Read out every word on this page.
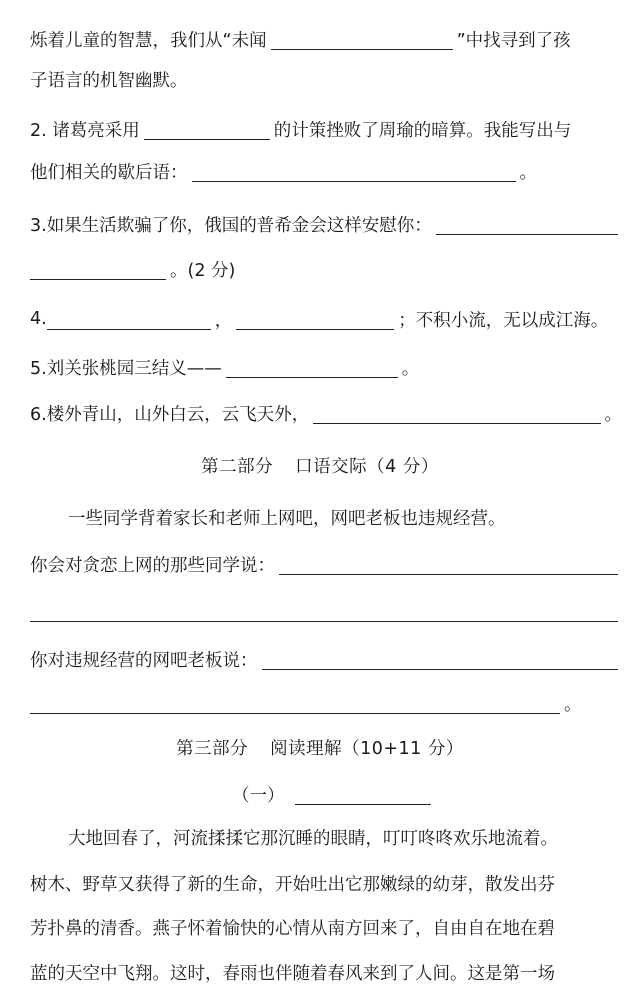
烁着儿童的智慧，我们从“未闻	”中找寻到了孩
子语言的机智幽默。
2. 诸葛亮采用	的计策挫败了周瑜的暗算。我能写出与
他们相关的歇后语：	。
3.如果生活欺骗了你，俄国的普希金会这样安慰你：
。(2 分)
4.	，	；不积小流，无以成江海。
5.刘关张桃园三结义——	。
6.楼外青山，山外白云，云飞天外，	。
第二部分 口语交际（4 分）
一些同学背着家长和老师上网吧，网吧老板也违规经营。
你会对贪恋上网的那些同学说：
你对违规经营的网吧老板说：
。
第三部分 阅读理解（10+11 分）
（一）
大地回春了，河流揉揉它那沉睡的眼睛，叮叮咚咚欢乐地流着。
树木、野草又获得了新的生命，开始吐出它那嫩绿的幼芽，散发出芬
芳扑鼻的清香。燕子怀着愉快的心情从南方回来了，自由自在地在碧
蓝的天空中飞翔。这时，春雨也伴随着春风来到了人间。这是第一场
